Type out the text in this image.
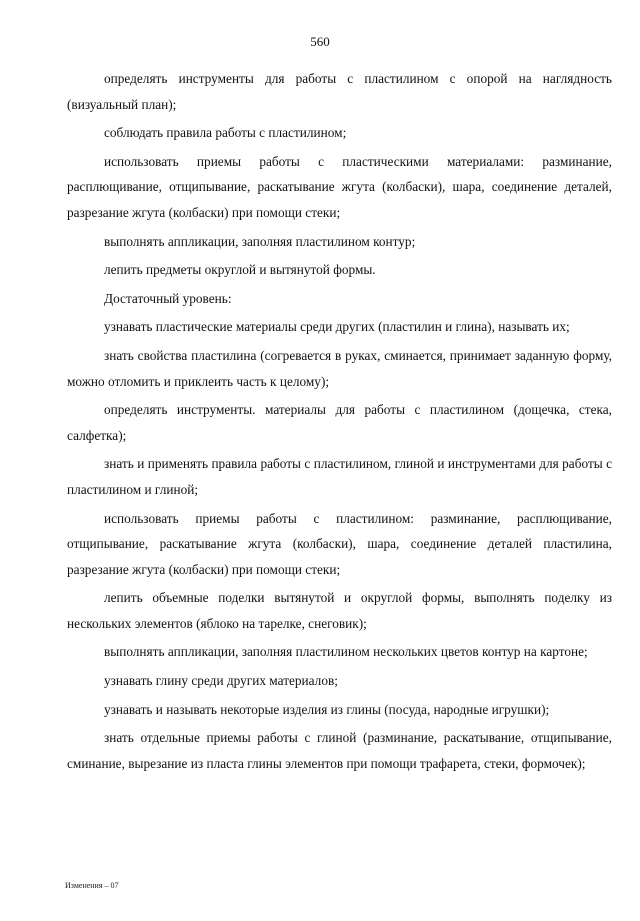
560

определять инструменты для работы с пластилином с опорой на наглядность (визуальный план);

соблюдать правила работы с пластилином;

использовать приемы работы с пластическими материалами: разминание, расплющивание, отщипывание, раскатывание жгута (колбаски), шара, соединение деталей, разрезание жгута (колбаски) при помощи стеки;

выполнять аппликации, заполняя пластилином контур;

лепить предметы округлой и вытянутой формы.

Достаточный уровень:

узнавать пластические материалы среди других (пластилин и глина), называть их;

знать свойства пластилина (согревается в руках, сминается, принимает заданную форму, можно отломить и приклеить часть к целому);

определять инструменты. материалы для работы с пластилином (дощечка, стека, салфетка);

знать и применять правила работы с пластилином, глиной и инструментами для работы с пластилином и глиной;

использовать приемы работы с пластилином: разминание, расплющивание, отщипывание, раскатывание жгута (колбаски), шара, соединение деталей пластилина, разрезание жгута (колбаски) при помощи стеки;

лепить объемные поделки вытянутой и округлой формы, выполнять поделку из нескольких элементов (яблоко на тарелке, снеговик);

выполнять аппликации, заполняя пластилином нескольких цветов контур на картоне;

узнавать глину среди других материалов;

узнавать и называть некоторые изделия из глины (посуда, народные игрушки);

знать отдельные приемы работы с глиной (разминание, раскатывание, отщипывание, сминание, вырезание из пласта глины элементов при помощи трафарета, стеки, формочек);

Изменения – 07
